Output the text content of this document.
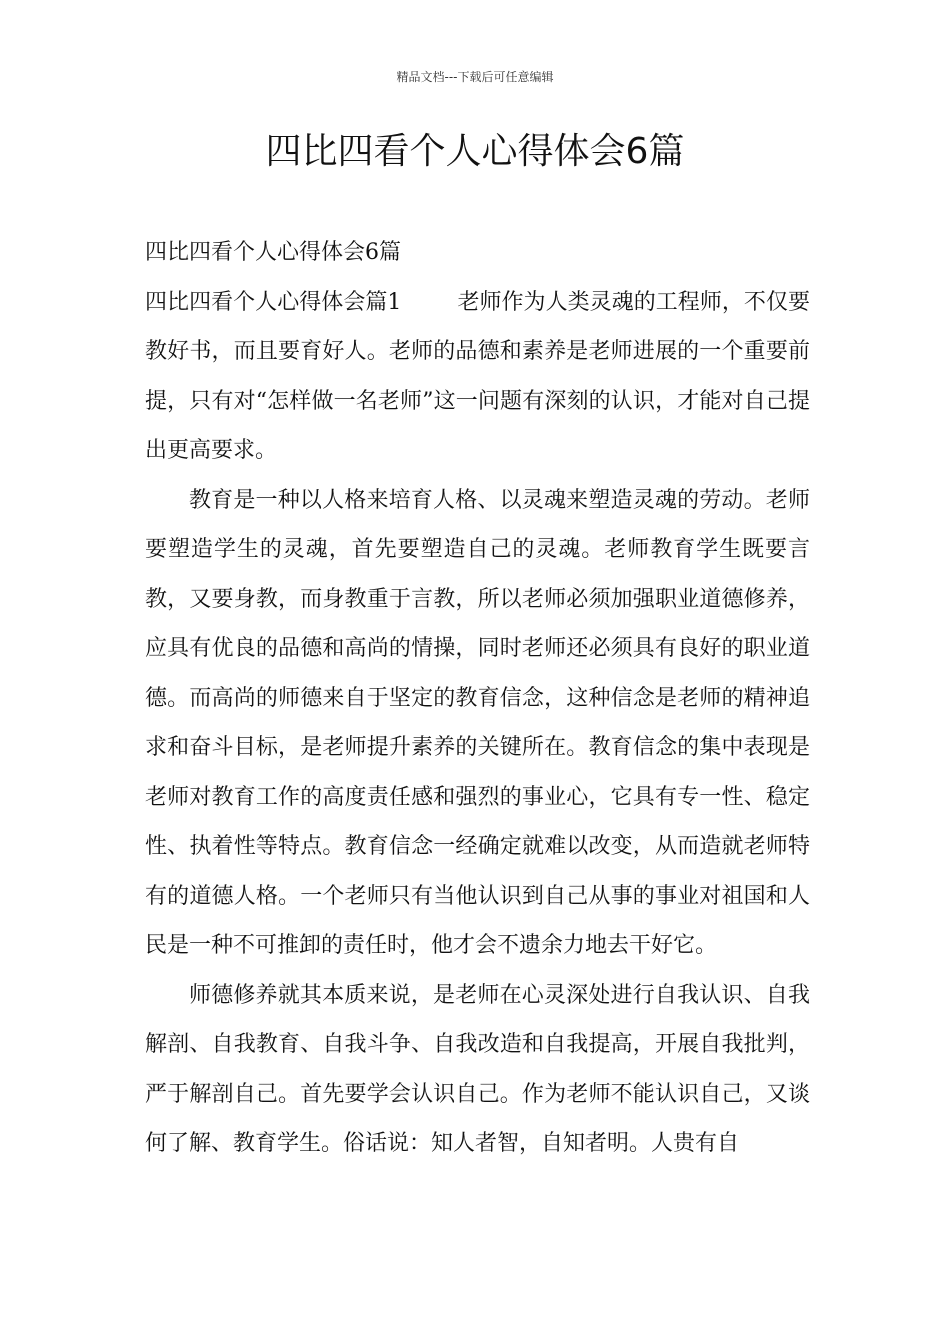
精品文档---下载后可任意编辑
四比四看个人心得体会6篇

四比四看个人心得体会6篇

四比四看个人心得体会篇1	老师作为人类灵魂的工程师，不仅要教好书，而且要育好人。老师的品德和素养是老师进展的一个重要前提，只有对“怎样做一名老师”这一问题有深刻的认识，才能对自己提出更高要求。

教育是一种以人格来培育人格、以灵魂来塑造灵魂的劳动。老师要塑造学生的灵魂，首先要塑造自己的灵魂。老师教育学生既要言教，又要身教，而身教重于言教，所以老师必须加强职业道德修养，应具有优良的品德和高尚的情操，同时老师还必须具有良好的职业道德。而高尚的师德来自于坚定的教育信念，这种信念是老师的精神追求和奋斗目标，是老师提升素养的关键所在。教育信念的集中表现是老师对教育工作的高度责任感和强烈的事业心，它具有专一性、稳定性、执着性等特点。教育信念一经确定就难以改变，从而造就老师特有的道德人格。一个老师只有当他认识到自己从事的事业对祖国和人民是一种不可推卸的责任时，他才会不遗余力地去干好它。

师德修养就其本质来说，是老师在心灵深处进行自我认识、自我解剖、自我教育、自我斗争、自我改造和自我提高，开展自我批判，严于解剖自己。首先要学会认识自己。作为老师不能认识自己，又谈何了解、教育学生。俗话说：知人者智，自知者明。人贵有自
